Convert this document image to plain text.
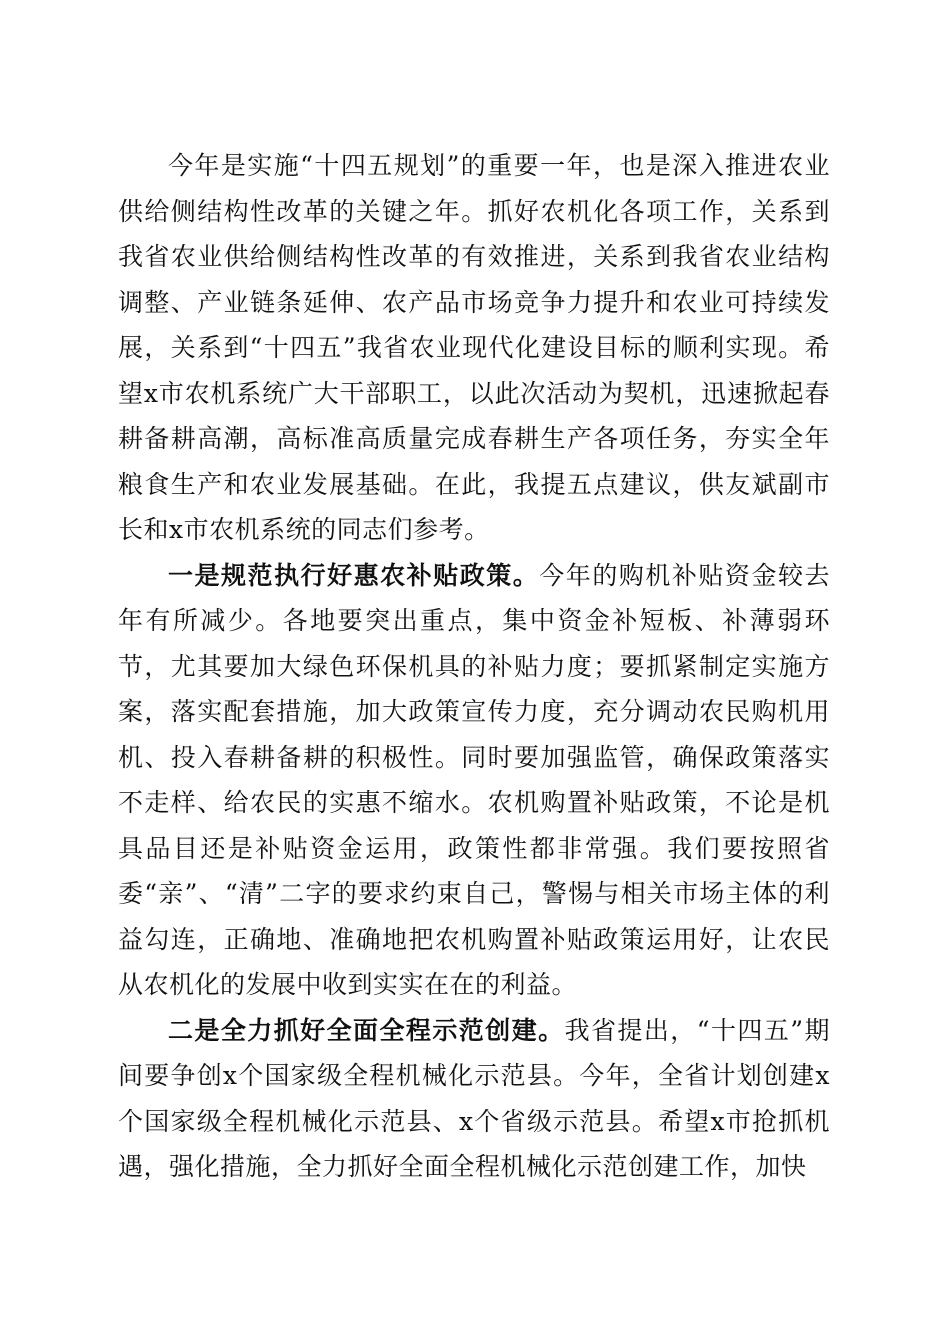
今年是实施“十四五规划”的重要一年，也是深入推进农业供给侧结构性改革的关键之年。抓好农机化各项工作，关系到我省农业供给侧结构性改革的有效推进，关系到我省农业结构调整、产业链条延伸、农产品市场竞争力提升和农业可持续发展，关系到“十四五”我省农业现代化建设目标的顺利实现。希望x市农机系统广大干部职工，以此次活动为契机，迅速掀起春耕备耕高潮，高标准高质量完成春耕生产各项任务，夯实全年粮食生产和农业发展基础。在此，我提五点建议，供友斌副市长和x市农机系统的同志们参考。

一是规范执行好惠农补贴政策。今年的购机补贴资金较去年有所减少。各地要突出重点，集中资金补短板、补薄弱环节，尤其要加大绿色环保机具的补贴力度；要抓紧制定实施方案，落实配套措施，加大政策宣传力度，充分调动农民购机用机、投入春耕备耕的积极性。同时要加强监管，确保政策落实不走样、给农民的实惠不缩水。农机购置补贴政策，不论是机具品目还是补贴资金运用，政策性都非常强。我们要按照省委“亲”、“清”二字的要求约束自己，警惕与相关市场主体的利益勾连，正确地、准确地把农机购置补贴政策运用好，让农民从农机化的发展中收到实实在在的利益。

二是全力抓好全面全程示范创建。我省提出，“十四五”期间要争创x个国家级全程机械化示范县。今年，全省计划创建x个国家级全程机械化示范县、x个省级示范县。希望x市抢抓机遇，强化措施，全力抓好全面全程机械化示范创建工作，加快
